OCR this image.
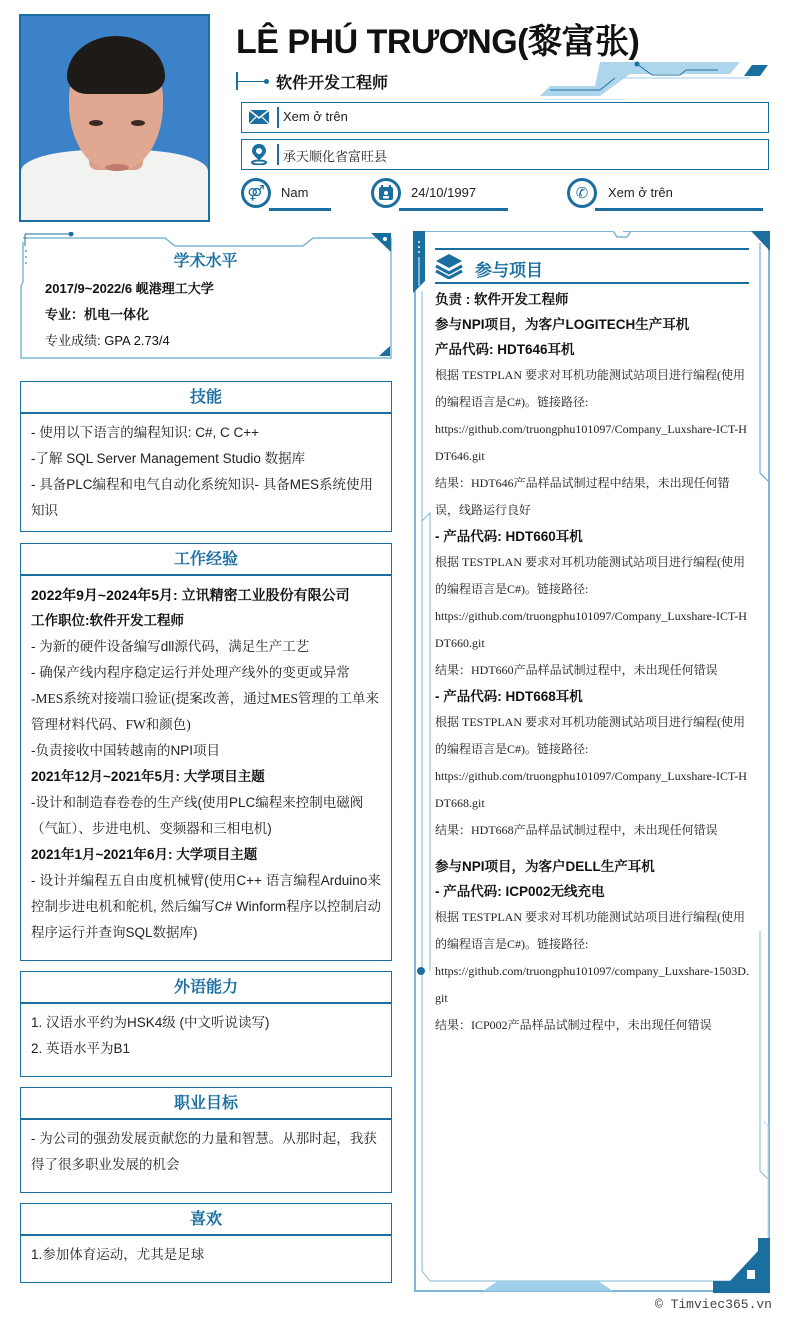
LÊ PHÚ TRƯƠNG(黎富张)
软件开发工程师
Xem ở trên
承天顺化省富旺县
⚤	Nam	24/10/1997	✆	Xem ở trên
学术水平
2017/9~2022/6 岘港理工大学
专业：机电一体化
专业成绩: GPA 2.73/4
技能
- 使用以下语言的编程知识: C#, C C++
-了解 SQL Server Management Studio 数据库
- 具备PLC编程和电气自动化系统知识- 具备MES系统使用知识
工作经验
2022年9月~2024年5月: 立讯精密工业股份有限公司
工作职位:软件开发工程师
- 为新的硬件设备编写dll源代码，满足生产工艺
- 确保产线内程序稳定运行并处理产线外的变更或异常
-MES系统对接端口验证(提案改善，通过MES管理的工单来管理材料代码、FW和颜色)
-负责接收中国转越南的NPI项目
2021年12月~2021年5月: 大学项目主题
-设计和制造春卷卷的生产线(使用PLC编程来控制电磁阀（气缸）、步进电机、变频器和三相电机)
2021年1月~2021年6月: 大学项目主题
- 设计并编程五自由度机械臂(使用C++ 语言编程Arduino来控制步进电机和舵机, 然后编写C# Winform程序以控制启动程序运行并查询SQL数据库)
外语能力
1. 汉语水平约为HSK4级 (中文听说读写)
2. 英语水平为B1
职业目标
- 为公司的强劲发展贡献您的力量和智慧。从那时起，我获得了很多职业发展的机会
喜欢
1.参加体育运动，尤其是足球
参与项目
负责 : 软件开发工程师
参与NPI项目，为客户LOGITECH生产耳机
产品代码: HDT646耳机
根据 TESTPLAN 要求对耳机功能测试站项目进行编程(使用的编程语言是C#)。链接路径:
https://github.com/truongphu101097/Company_Luxshare-ICT-HDT646.git
结果：HDT646产品样品试制过程中结果，未出现任何错误，线路运行良好
- 产品代码: HDT660耳机
根据 TESTPLAN 要求对耳机功能测试站项目进行编程(使用的编程语言是C#)。链接路径:
https://github.com/truongphu101097/Company_Luxshare-ICT-HDT660.git
结果：HDT660产品样品试制过程中，未出现任何错误
- 产品代码: HDT668耳机
根据 TESTPLAN 要求对耳机功能测试站项目进行编程(使用的编程语言是C#)。链接路径:
https://github.com/truongphu101097/Company_Luxshare-ICT-HDT668.git
结果：HDT668产品样品试制过程中，未出现任何错误
参与NPI项目，为客户DELL生产耳机
- 产品代码: ICP002无线充电
根据 TESTPLAN 要求对耳机功能测试站项目进行编程(使用的编程语言是C#)。链接路径:
https://github.com/truongphu101097/company_Luxshare-1503D.git
结果：ICP002产品样品试制过程中，未出现任何错误
© Timviec365.vn
